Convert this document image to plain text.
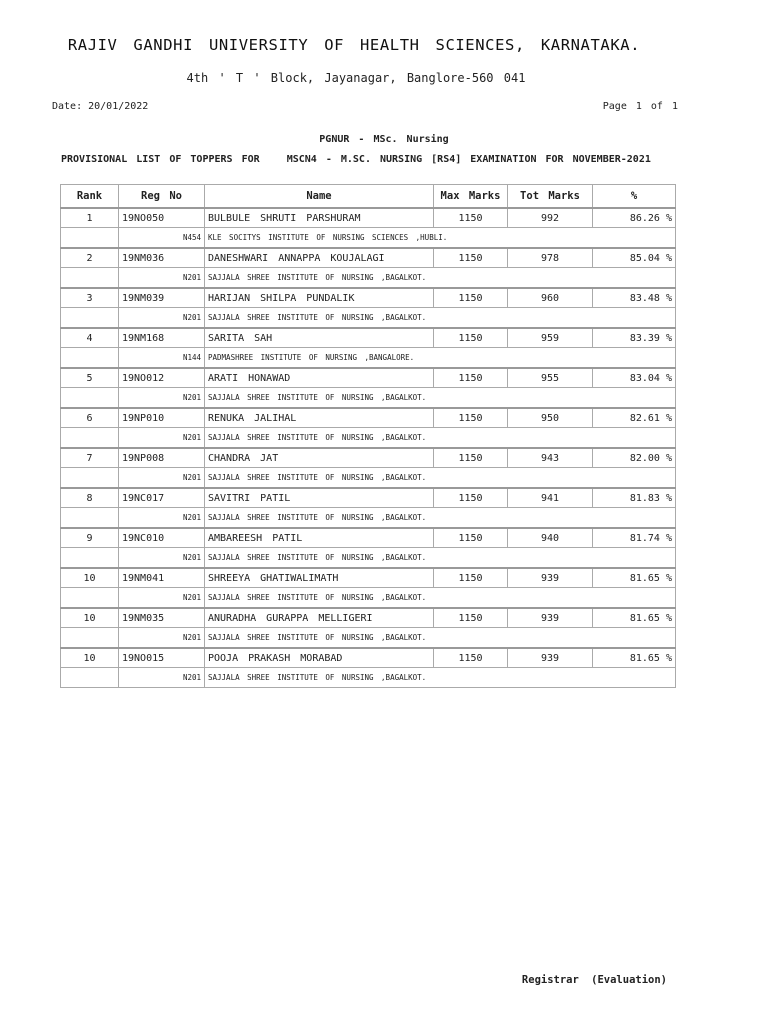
RAJIV GANDHI UNIVERSITY OF HEALTH SCIENCES, KARNATAKA.
4th ' T ' Block, Jayanagar, Banglore-560 041
Date: 20/01/2022	Page 1 of 1
PGNUR - MSc. Nursing
PROVISIONAL LIST OF TOPPERS FOR   MSCN4 - M.SC. NURSING [RS4] EXAMINATION FOR NOVEMBER-2021
Rank	Reg No	Name	Max Marks	Tot Marks	%
1	19NO050	BULBULE SHRUTI PARSHURAM	1150	992	86.26 %
	N454	KLE SOCITYS INSTITUTE OF NURSING SCIENCES ,HUBLI.			
2	19NM036	DANESHWARI ANNAPPA KOUJALAGI	1150	978	85.04 %
	N201	SAJJALA SHREE INSTITUTE OF NURSING ,BAGALKOT.			
3	19NM039	HARIJAN SHILPA PUNDALIK	1150	960	83.48 %
	N201	SAJJALA SHREE INSTITUTE OF NURSING ,BAGALKOT.			
4	19NM168	SARITA SAH	1150	959	83.39 %
	N144	PADMASHREE INSTITUTE OF NURSING ,BANGALORE.			
5	19NO012	ARATI HONAWAD	1150	955	83.04 %
	N201	SAJJALA SHREE INSTITUTE OF NURSING ,BAGALKOT.			
6	19NP010	RENUKA JALIHAL	1150	950	82.61 %
	N201	SAJJALA SHREE INSTITUTE OF NURSING ,BAGALKOT.			
7	19NP008	CHANDRA JAT	1150	943	82.00 %
	N201	SAJJALA SHREE INSTITUTE OF NURSING ,BAGALKOT.			
8	19NC017	SAVITRI PATIL	1150	941	81.83 %
	N201	SAJJALA SHREE INSTITUTE OF NURSING ,BAGALKOT.			
9	19NC010	AMBAREESH PATIL	1150	940	81.74 %
	N201	SAJJALA SHREE INSTITUTE OF NURSING ,BAGALKOT.			
10	19NM041	SHREEYA GHATIWALIMATH	1150	939	81.65 %
	N201	SAJJALA SHREE INSTITUTE OF NURSING ,BAGALKOT.			
10	19NM035	ANURADHA GURAPPA MELLIGERI	1150	939	81.65 %
	N201	SAJJALA SHREE INSTITUTE OF NURSING ,BAGALKOT.			
10	19NO015	POOJA PRAKASH MORABAD	1150	939	81.65 %
	N201	SAJJALA SHREE INSTITUTE OF NURSING ,BAGALKOT.			
Registrar (Evaluation)
